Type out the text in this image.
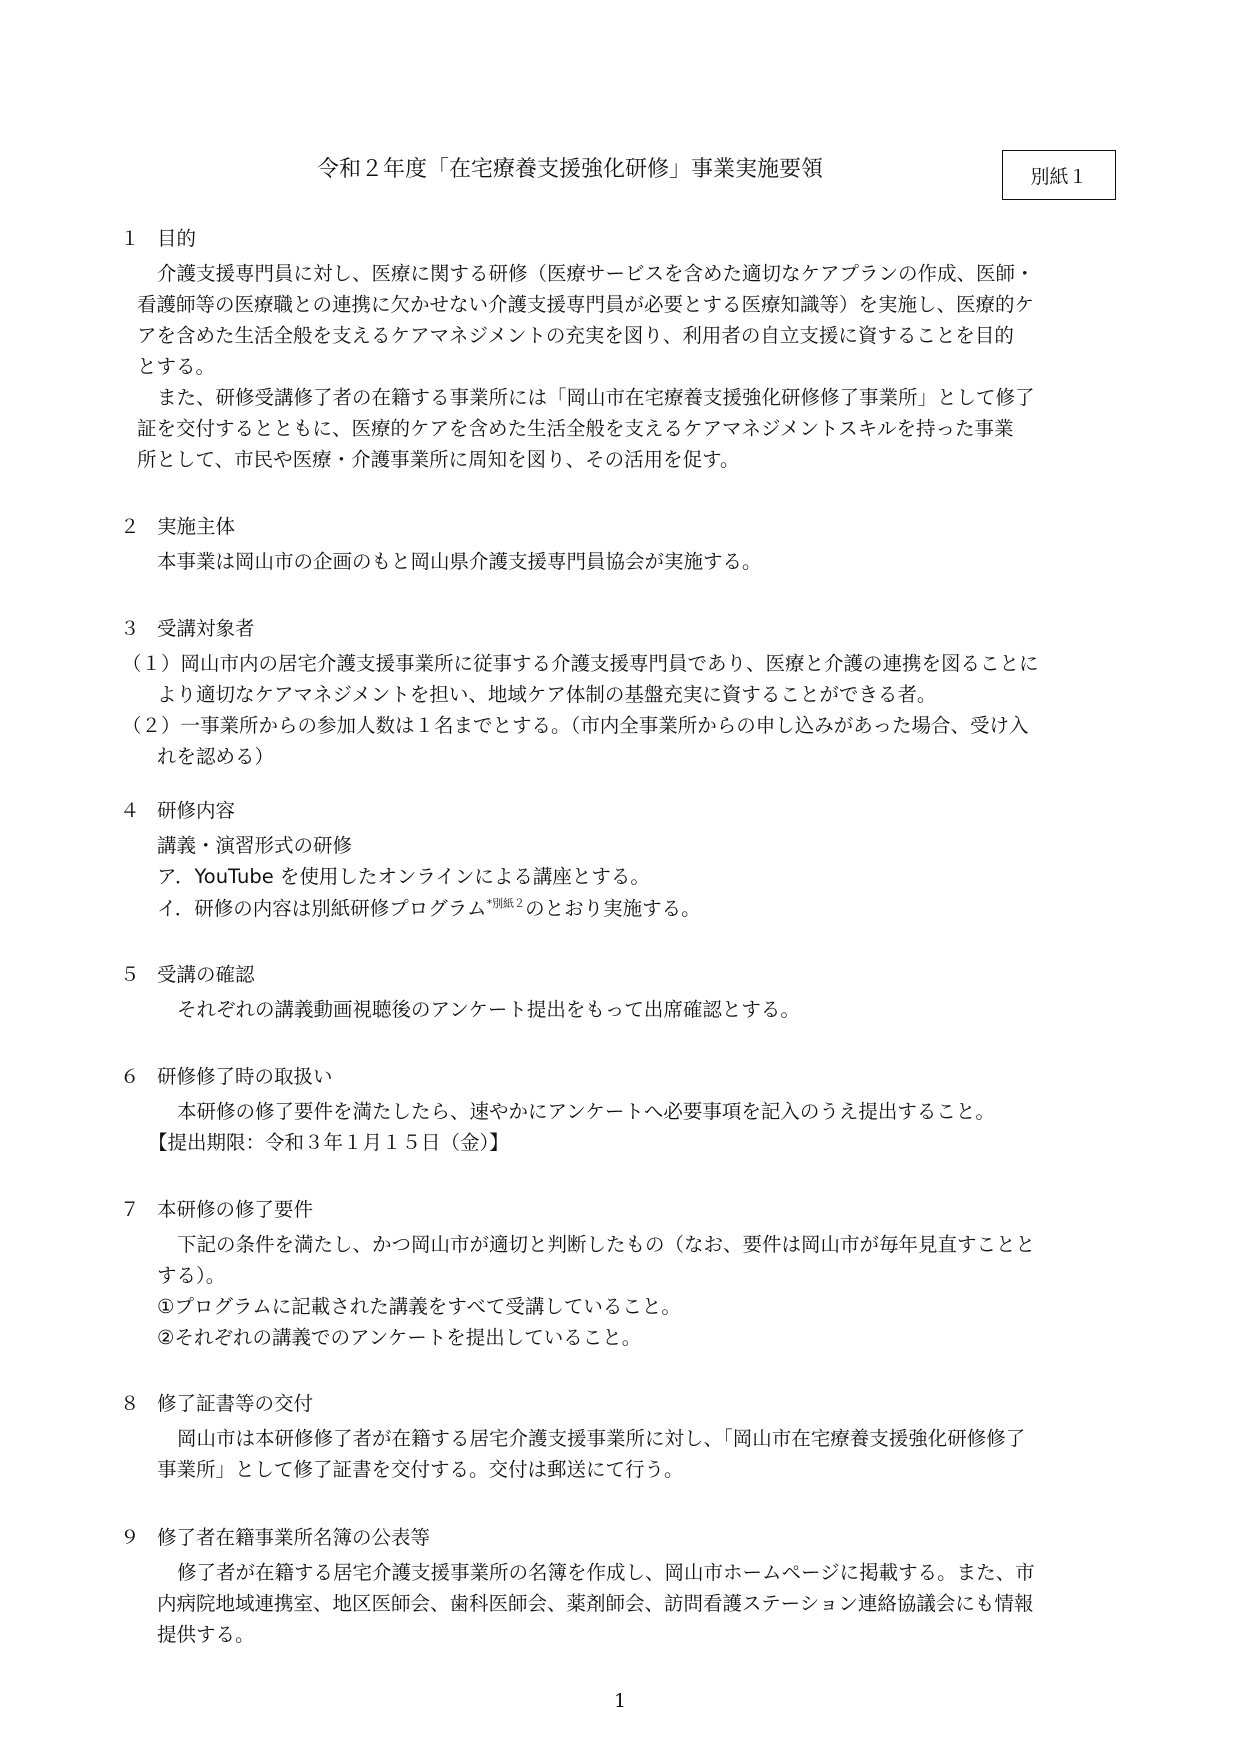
令和２年度「在宅療養支援強化研修」事業実施要領	別紙１
１ 目的
介護支援専門員に対し、医療に関する研修（医療サービスを含めた適切なケアプランの作成、医師・
看護師等の医療職との連携に欠かせない介護支援専門員が必要とする医療知識等）を実施し、医療的ケ
アを含めた生活全般を支えるケアマネジメントの充実を図り、利用者の自立支援に資することを目的
とする。
また、研修受講修了者の在籍する事業所には「岡山市在宅療養支援強化研修修了事業所」として修了
証を交付するとともに、医療的ケアを含めた生活全般を支えるケアマネジメントスキルを持った事業
所として、市民や医療・介護事業所に周知を図り、その活用を促す。
２ 実施主体
本事業は岡山市の企画のもと岡山県介護支援専門員協会が実施する。
３ 受講対象者
（１）岡山市内の居宅介護支援事業所に従事する介護支援専門員であり、医療と介護の連携を図ることに
より適切なケアマネジメントを担い、地域ケア体制の基盤充実に資することができる者。
（２）一事業所からの参加人数は１名までとする。（市内全事業所からの申し込みがあった場合、受け入
れを認める）
４ 研修内容
講義・演習形式の研修
ア．YouTube を使用したオンラインによる講座とする。
イ．研修の内容は別紙研修プログラム$^{*別紙2}$のとおり実施する。
５ 受講の確認
それぞれの講義動画視聴後のアンケート提出をもって出席確認とする。
６ 研修修了時の取扱い
本研修の修了要件を満たしたら、速やかにアンケートへ必要事項を記入のうえ提出すること。
【提出期限：令和３年１月１５日（金）】
７ 本研修の修了要件
下記の条件を満たし、かつ岡山市が適切と判断したもの（なお、要件は岡山市が毎年見直すことと
する）。
①プログラムに記載された講義をすべて受講していること。
②それぞれの講義でのアンケートを提出していること。
８ 修了証書等の交付
岡山市は本研修修了者が在籍する居宅介護支援事業所に対し、「岡山市在宅療養支援強化研修修了
事業所」として修了証書を交付する。交付は郵送にて行う。
９ 修了者在籍事業所名簿の公表等
修了者が在籍する居宅介護支援事業所の名簿を作成し、岡山市ホームページに掲載する。また、市
内病院地域連携室、地区医師会、歯科医師会、薬剤師会、訪問看護ステーション連絡協議会にも情報
提供する。
1
